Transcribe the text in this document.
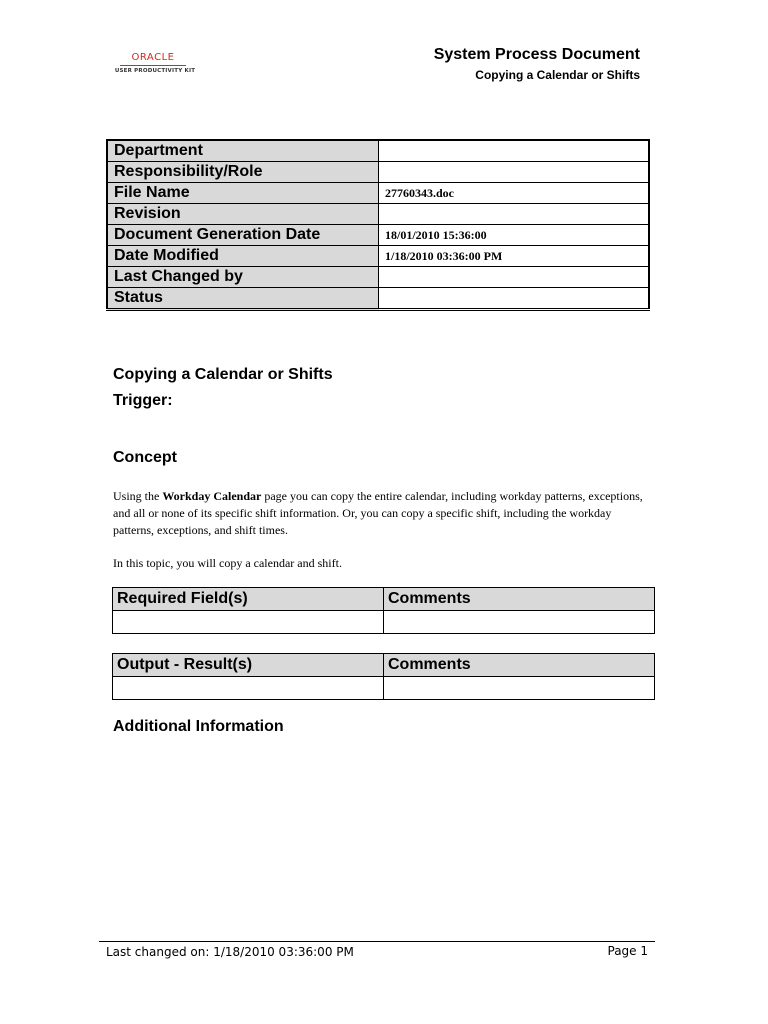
ORACLE
USER PRODUCTIVITY KIT
System Process Document
Copying a Calendar or Shifts
Department	
Responsibility/Role	
File Name	27760343.doc
Revision	
Document Generation Date	18/01/2010 15:36:00
Date Modified	1/18/2010 03:36:00 PM
Last Changed by	
Status	
Copying a Calendar or Shifts
Trigger:
Concept
Using the Workday Calendar page you can copy the entire calendar, including workday patterns, exceptions, and all or none of its specific shift information. Or, you can copy a specific shift, including the workday patterns, exceptions, and shift times.
In this topic, you will copy a calendar and shift.
Required Field(s)	Comments

Output - Result(s)	Comments

Additional Information
Last changed on: 1/18/2010 03:36:00 PM	Page 1
